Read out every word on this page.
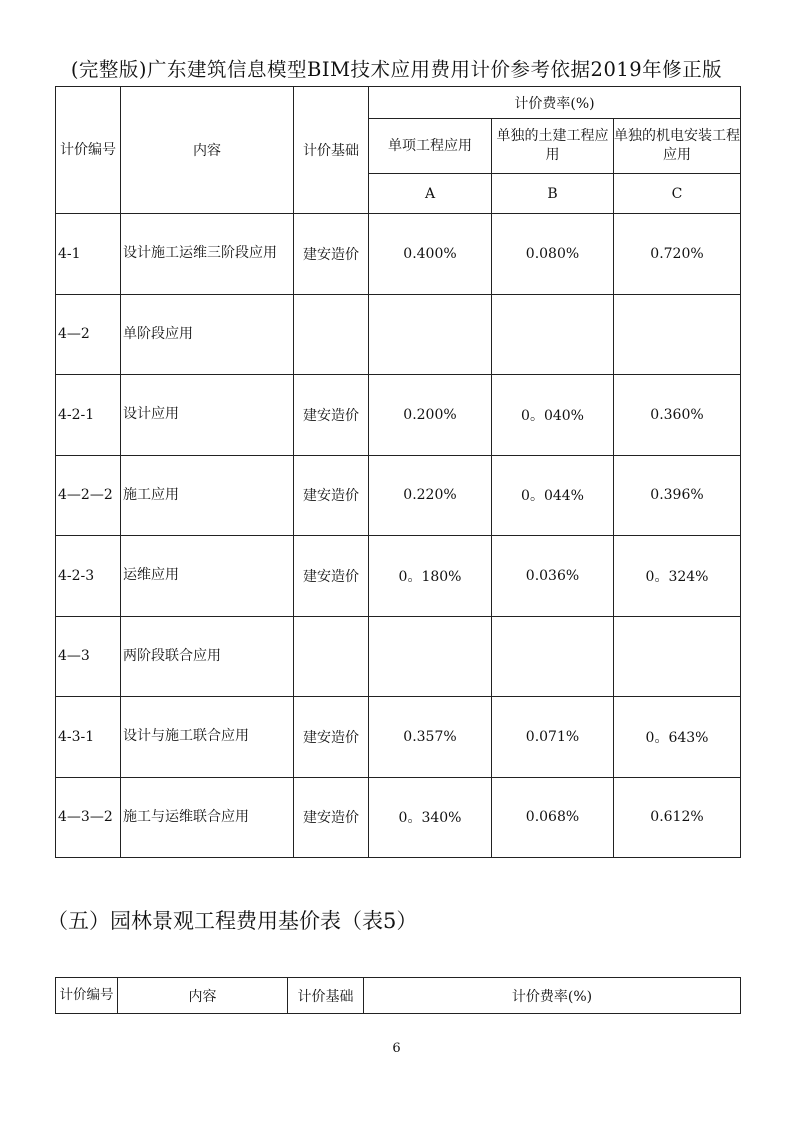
(完整版)广东建筑信息模型BIM技术应用费用计价参考依据2019年修正版
计价编号	内容	计价基础	计价费率(%)		
			单项工程应用	单独的土建工程应用	单独的机电安装工程应用
			A	B	C
4-1	设计施工运维三阶段应用	建安造价	0.400%	0.080%	0.720%
4—2	单阶段应用				
4-2-1	设计应用	建安造价	0.200%	0。040%	0.360%
4—2—2	施工应用	建安造价	0.220%	0。044%	0.396%
4-2-3	运维应用	建安造价	0。180%	0.036%	0。324%
4—3	两阶段联合应用				
4-3-1	设计与施工联合应用	建安造价	0.357%	0.071%	0。643%
4—3—2	施工与运维联合应用	建安造价	0。340%	0.068%	0.612%
（五）园林景观工程费用基价表（表5）
计价编号	内容	计价基础	计价费率(%)
6
